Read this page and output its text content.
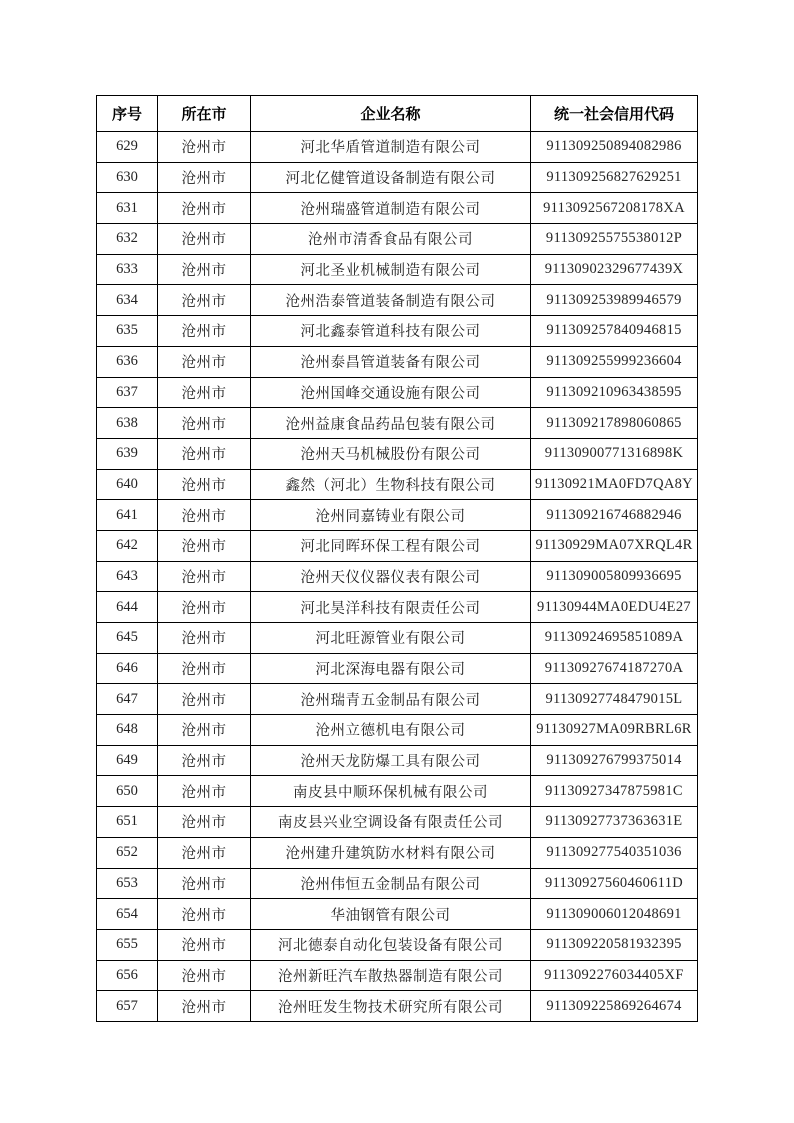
序号	所在市	企业名称	统一社会信用代码
629	沧州市	河北华盾管道制造有限公司	911309250894082986
630	沧州市	河北亿健管道设备制造有限公司	911309256827629251
631	沧州市	沧州瑞盛管道制造有限公司	9113092567208178XA
632	沧州市	沧州市清香食品有限公司	91130925575538012P
633	沧州市	河北圣业机械制造有限公司	91130902329677439X
634	沧州市	沧州浩泰管道装备制造有限公司	911309253989946579
635	沧州市	河北鑫泰管道科技有限公司	911309257840946815
636	沧州市	沧州泰昌管道装备有限公司	911309255999236604
637	沧州市	沧州国峰交通设施有限公司	911309210963438595
638	沧州市	沧州益康食品药品包装有限公司	911309217898060865
639	沧州市	沧州天马机械股份有限公司	91130900771316898K
640	沧州市	鑫然（河北）生物科技有限公司	91130921MA0FD7QA8Y
641	沧州市	沧州同嘉铸业有限公司	911309216746882946
642	沧州市	河北同晖环保工程有限公司	91130929MA07XRQL4R
643	沧州市	沧州天仪仪器仪表有限公司	911309005809936695
644	沧州市	河北昊洋科技有限责任公司	91130944MA0EDU4E27
645	沧州市	河北旺源管业有限公司	91130924695851089A
646	沧州市	河北深海电器有限公司	91130927674187270A
647	沧州市	沧州瑞青五金制品有限公司	91130927748479015L
648	沧州市	沧州立德机电有限公司	91130927MA09RBRL6R
649	沧州市	沧州天龙防爆工具有限公司	911309276799375014
650	沧州市	南皮县中顺环保机械有限公司	91130927347875981C
651	沧州市	南皮县兴业空调设备有限责任公司	91130927737363631E
652	沧州市	沧州建升建筑防水材料有限公司	911309277540351036
653	沧州市	沧州伟恒五金制品有限公司	91130927560460611D
654	沧州市	华油钢管有限公司	911309006012048691
655	沧州市	河北德泰自动化包装设备有限公司	911309220581932395
656	沧州市	沧州新旺汽车散热器制造有限公司	9113092276034405XF
657	沧州市	沧州旺发生物技术研究所有限公司	911309225869264674
